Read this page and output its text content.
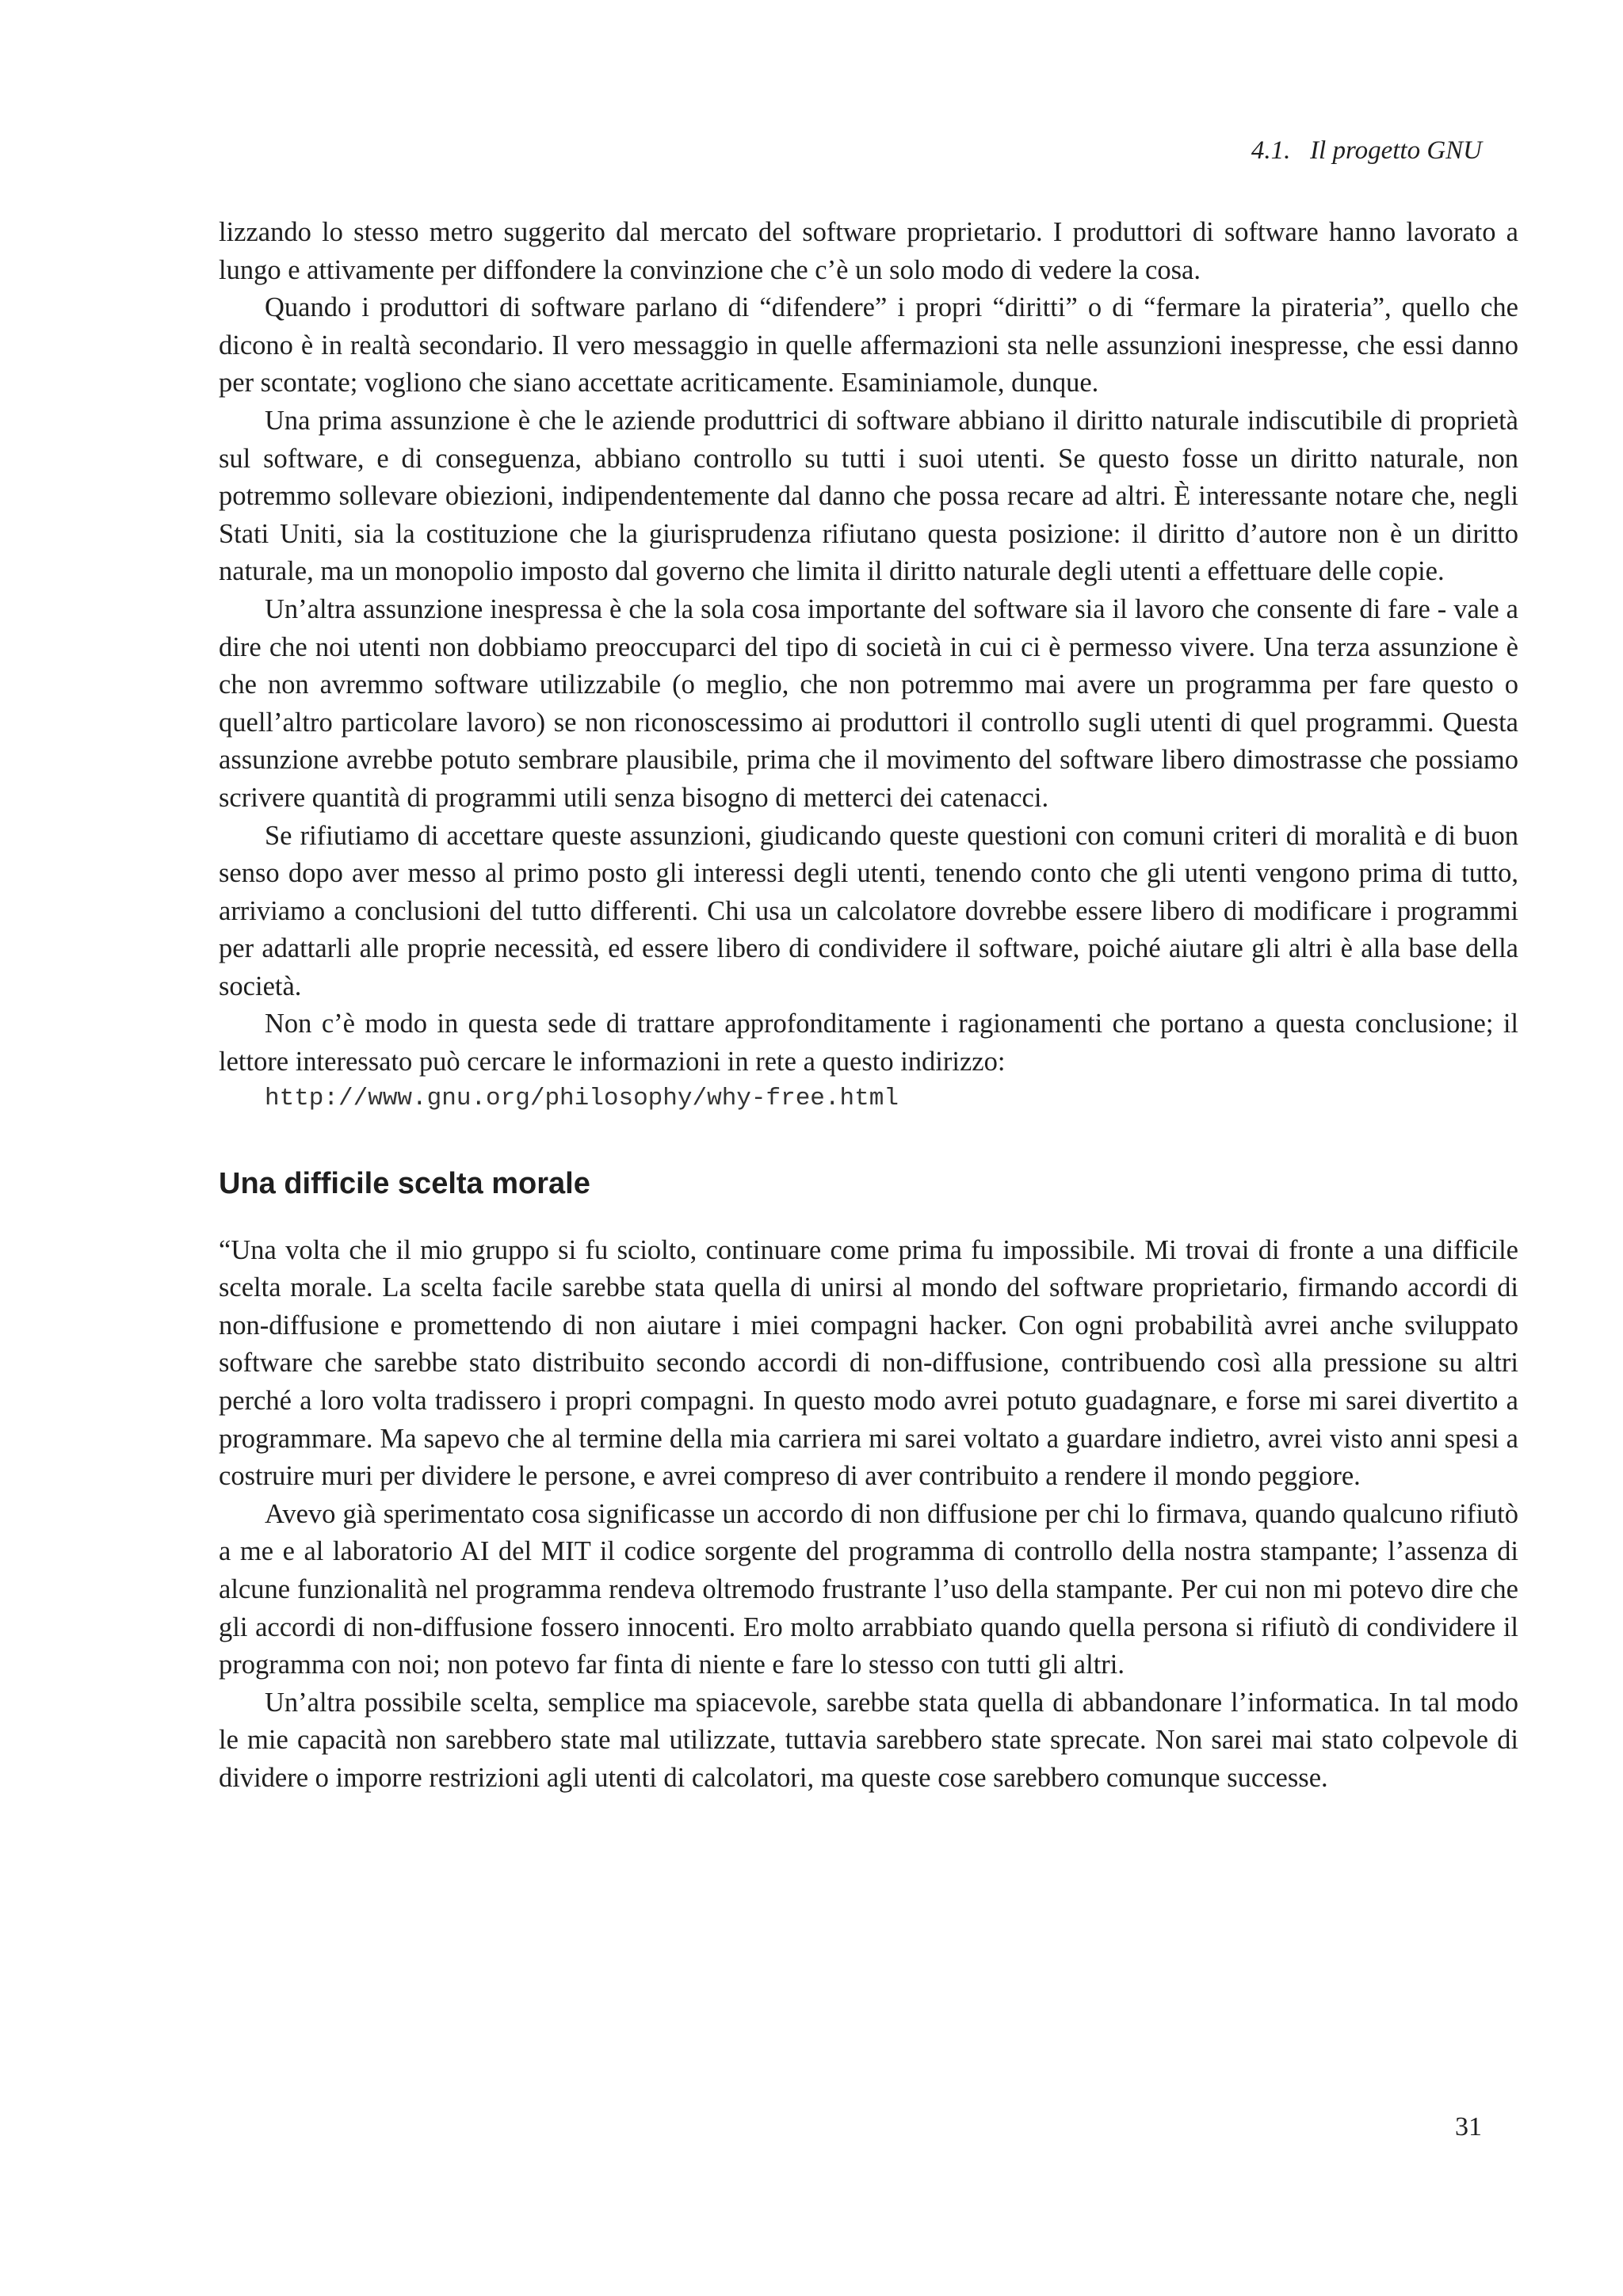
4.1. Il progetto GNU

lizzando lo stesso metro suggerito dal mercato del software proprietario. I produttori di software hanno lavorato a lungo e attivamente per diffondere la convinzione che c’è un solo modo di vedere la cosa.

Quando i produttori di software parlano di “difendere” i propri “diritti” o di “fermare la pirateria”, quello che dicono è in realtà secondario. Il vero messaggio in quelle affermazioni sta nelle assunzioni inespresse, che essi danno per scontate; vogliono che siano accettate acriticamente. Esaminiamole, dunque.

Una prima assunzione è che le aziende produttrici di software abbiano il diritto naturale indiscutibile di proprietà sul software, e di conseguenza, abbiano controllo su tutti i suoi utenti. Se questo fosse un diritto naturale, non potremmo sollevare obiezioni, indipendentemente dal danno che possa recare ad altri. È interessante notare che, negli Stati Uniti, sia la costituzione che la giurisprudenza rifiutano questa posizione: il diritto d’autore non è un diritto naturale, ma un monopolio imposto dal governo che limita il diritto naturale degli utenti a effettuare delle copie.

Un’altra assunzione inespressa è che la sola cosa importante del software sia il lavoro che consente di fare - vale a dire che noi utenti non dobbiamo preoccuparci del tipo di società in cui ci è permesso vivere. Una terza assunzione è che non avremmo software utilizzabile (o meglio, che non potremmo mai avere un programma per fare questo o quell’altro particolare lavoro) se non riconoscessimo ai produttori il controllo sugli utenti di quel programmi. Questa assunzione avrebbe potuto sembrare plausibile, prima che il movimento del software libero dimostrasse che possiamo scrivere quantità di programmi utili senza bisogno di metterci dei catenacci.

Se rifiutiamo di accettare queste assunzioni, giudicando queste questioni con comuni criteri di moralità e di buon senso dopo aver messo al primo posto gli interessi degli utenti, tenendo conto che gli utenti vengono prima di tutto, arriviamo a conclusioni del tutto differenti. Chi usa un calcolatore dovrebbe essere libero di modificare i programmi per adattarli alle proprie necessità, ed essere libero di condividere il software, poiché aiutare gli altri è alla base della società.

Non c’è modo in questa sede di trattare approfonditamente i ragionamenti che portano a questa conclusione; il lettore interessato può cercare le informazioni in rete a questo indirizzo:

http://www.gnu.org/philosophy/why-free.html

Una difficile scelta morale

“Una volta che il mio gruppo si fu sciolto, continuare come prima fu impossibile. Mi trovai di fronte a una difficile scelta morale. La scelta facile sarebbe stata quella di unirsi al mondo del software proprietario, firmando accordi di non-diffusione e promettendo di non aiutare i miei compagni hacker. Con ogni probabilità avrei anche sviluppato software che sarebbe stato distribuito secondo accordi di non-diffusione, contribuendo così alla pressione su altri perché a loro volta tradissero i propri compagni. In questo modo avrei potuto guadagnare, e forse mi sarei divertito a programmare. Ma sapevo che al termine della mia carriera mi sarei voltato a guardare indietro, avrei visto anni spesi a costruire muri per dividere le persone, e avrei compreso di aver contribuito a rendere il mondo peggiore.

Avevo già sperimentato cosa significasse un accordo di non diffusione per chi lo firmava, quando qualcuno rifiutò a me e al laboratorio AI del MIT il codice sorgente del programma di controllo della nostra stampante; l’assenza di alcune funzionalità nel programma rendeva oltremodo frustrante l’uso della stampante. Per cui non mi potevo dire che gli accordi di non-diffusione fossero innocenti. Ero molto arrabbiato quando quella persona si rifiutò di condividere il programma con noi; non potevo far finta di niente e fare lo stesso con tutti gli altri.

Un’altra possibile scelta, semplice ma spiacevole, sarebbe stata quella di abbandonare l’informatica. In tal modo le mie capacità non sarebbero state mal utilizzate, tuttavia sarebbero state sprecate. Non sarei mai stato colpevole di dividere o imporre restrizioni agli utenti di calcolatori, ma queste cose sarebbero comunque successe.

31
